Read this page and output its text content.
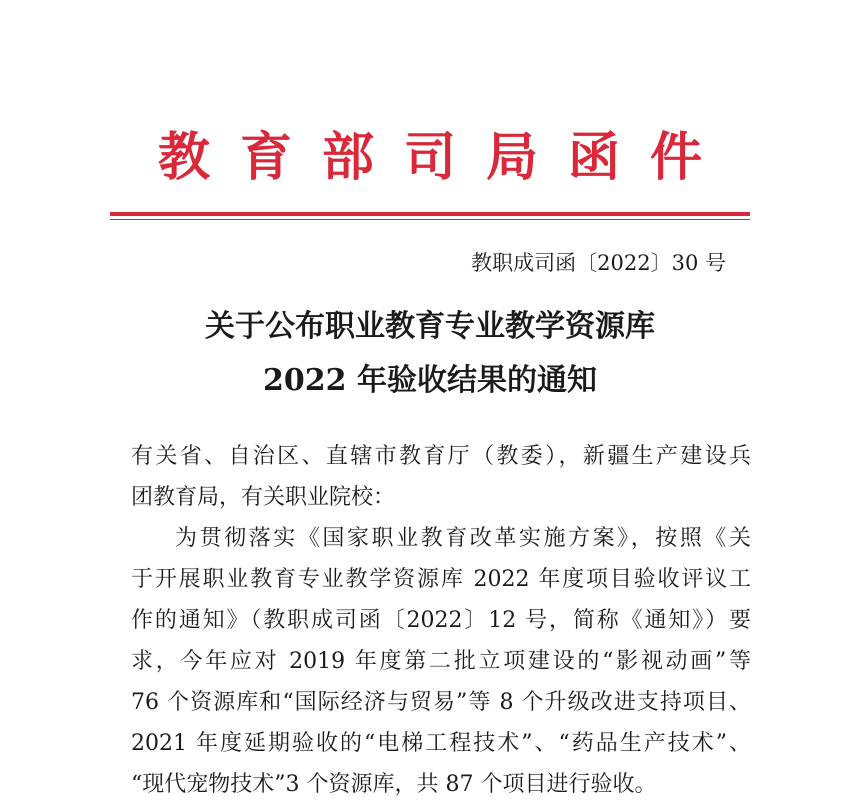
教育部司局函件
教职成司函〔2022〕30 号
关于公布职业教育专业教学资源库
2022 年验收结果的通知
有关省、自治区、直辖市教育厅（教委），新疆生产建设兵
团教育局，有关职业院校：
为贯彻落实《国家职业教育改革实施方案》，按照《关
于开展职业教育专业教学资源库 2022 年度项目验收评议工
作的通知》（教职成司函〔2022〕12 号，简称《通知》）要
求，今年应对 2019 年度第二批立项建设的“影视动画”等
76 个资源库和“国际经济与贸易”等 8 个升级改进支持项目、
2021 年度延期验收的“电梯工程技术”、“药品生产技术”、
“现代宠物技术”3 个资源库，共 87 个项目进行验收。
